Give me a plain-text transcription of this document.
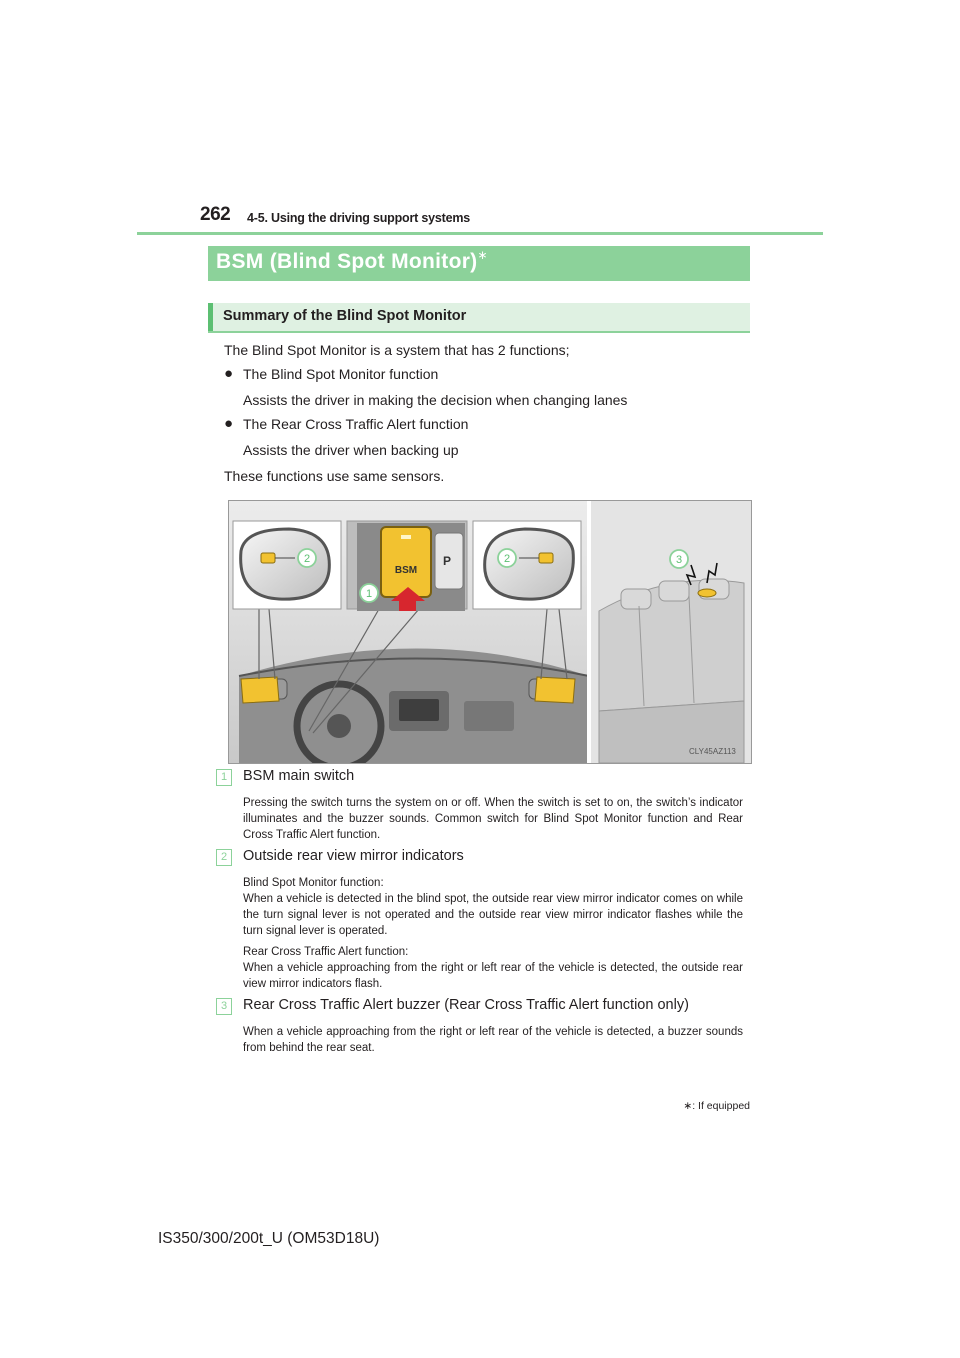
262 4-5. Using the driving support systems
BSM (Blind Spot Monitor)∗
Summary of the Blind Spot Monitor
The Blind Spot Monitor is a system that has 2 functions;
● The Blind Spot Monitor function
Assists the driver in making the decision when changing lanes
● The Rear Cross Traffic Alert function
Assists the driver when backing up
These functions use same sensors.
BSM
P
CLY45AZ113
2
1
2	3
1	BSM main switch
Pressing the switch turns the system on or off. When the switch is set to on, the switch’s indicator illuminates and the buzzer sounds. Common switch for Blind Spot Monitor function and Rear Cross Traffic Alert function.
2	Outside rear view mirror indicators
Blind Spot Monitor function:
When a vehicle is detected in the blind spot, the outside rear view mirror indicator comes on while the turn signal lever is not operated and the outside rear view mirror indicator flashes while the turn signal lever is operated.
Rear Cross Traffic Alert function:
When a vehicle approaching from the right or left rear of the vehicle is detected, the outside rear view mirror indicators flash.
3	Rear Cross Traffic Alert buzzer (Rear Cross Traffic Alert function only)
When a vehicle approaching from the right or left rear of the vehicle is detected, a buzzer sounds from behind the rear seat.
∗: If equipped
IS350/300/200t_U (OM53D18U)
